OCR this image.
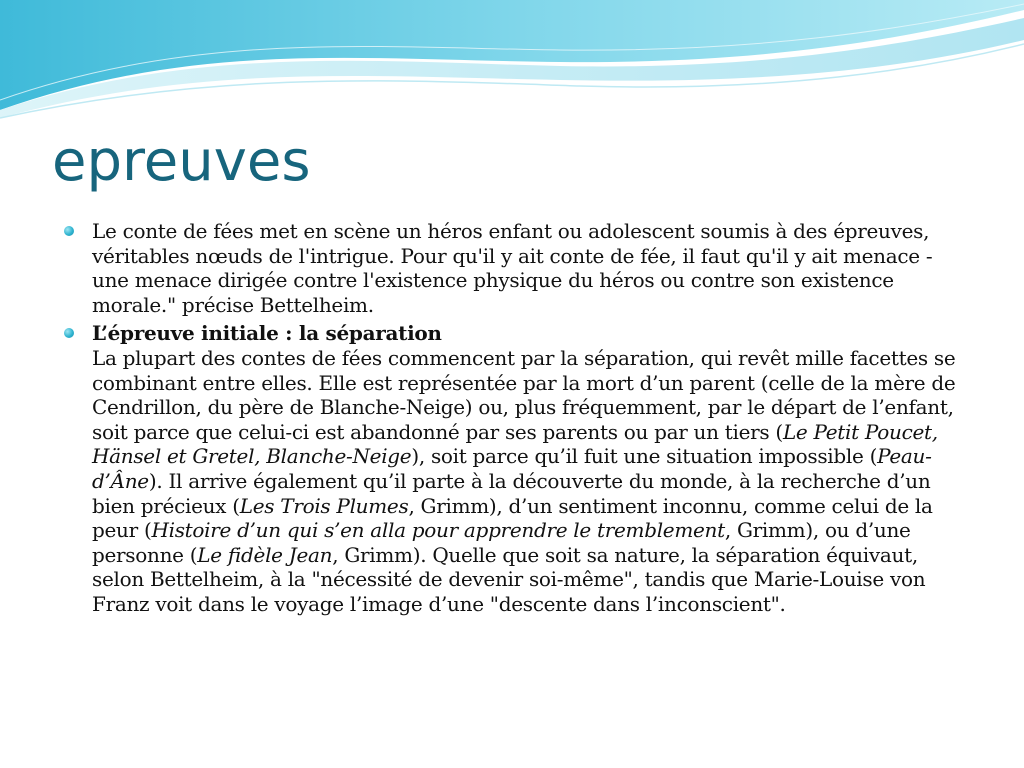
epreuves
Le conte de fées met en scène un héros enfant ou adolescent soumis à des épreuves, véritables nœuds de l'intrigue. Pour qu'il y ait conte de fée, il faut qu'il y ait menace - une menace dirigée contre l'existence physique du héros ou contre son existence morale." précise Bettelheim.
L’épreuve initiale : la séparation
La plupart des contes de fées commencent par la séparation, qui revêt mille facettes se combinant entre elles. Elle est représentée par la mort d’un parent (celle de la mère de Cendrillon, du père de Blanche-Neige) ou, plus fréquemment, par le départ de l’enfant, soit parce que celui-ci est abandonné par ses parents ou par un tiers (Le Petit Poucet, Hänsel et Gretel, Blanche-Neige), soit parce qu’il fuit une situation impossible (Peau-d’Âne). Il arrive également qu’il parte à la découverte du monde, à la recherche d’un bien précieux (Les Trois Plumes, Grimm), d’un sentiment inconnu, comme celui de la peur (Histoire d’un qui s’en alla pour apprendre le tremblement, Grimm), ou d’une personne (Le fidèle Jean, Grimm). Quelle que soit sa nature, la séparation équivaut, selon Bettelheim, à la "nécessité de devenir soi-même", tandis que Marie-Louise von Franz voit dans le voyage l’image d’une "descente dans l’inconscient".
